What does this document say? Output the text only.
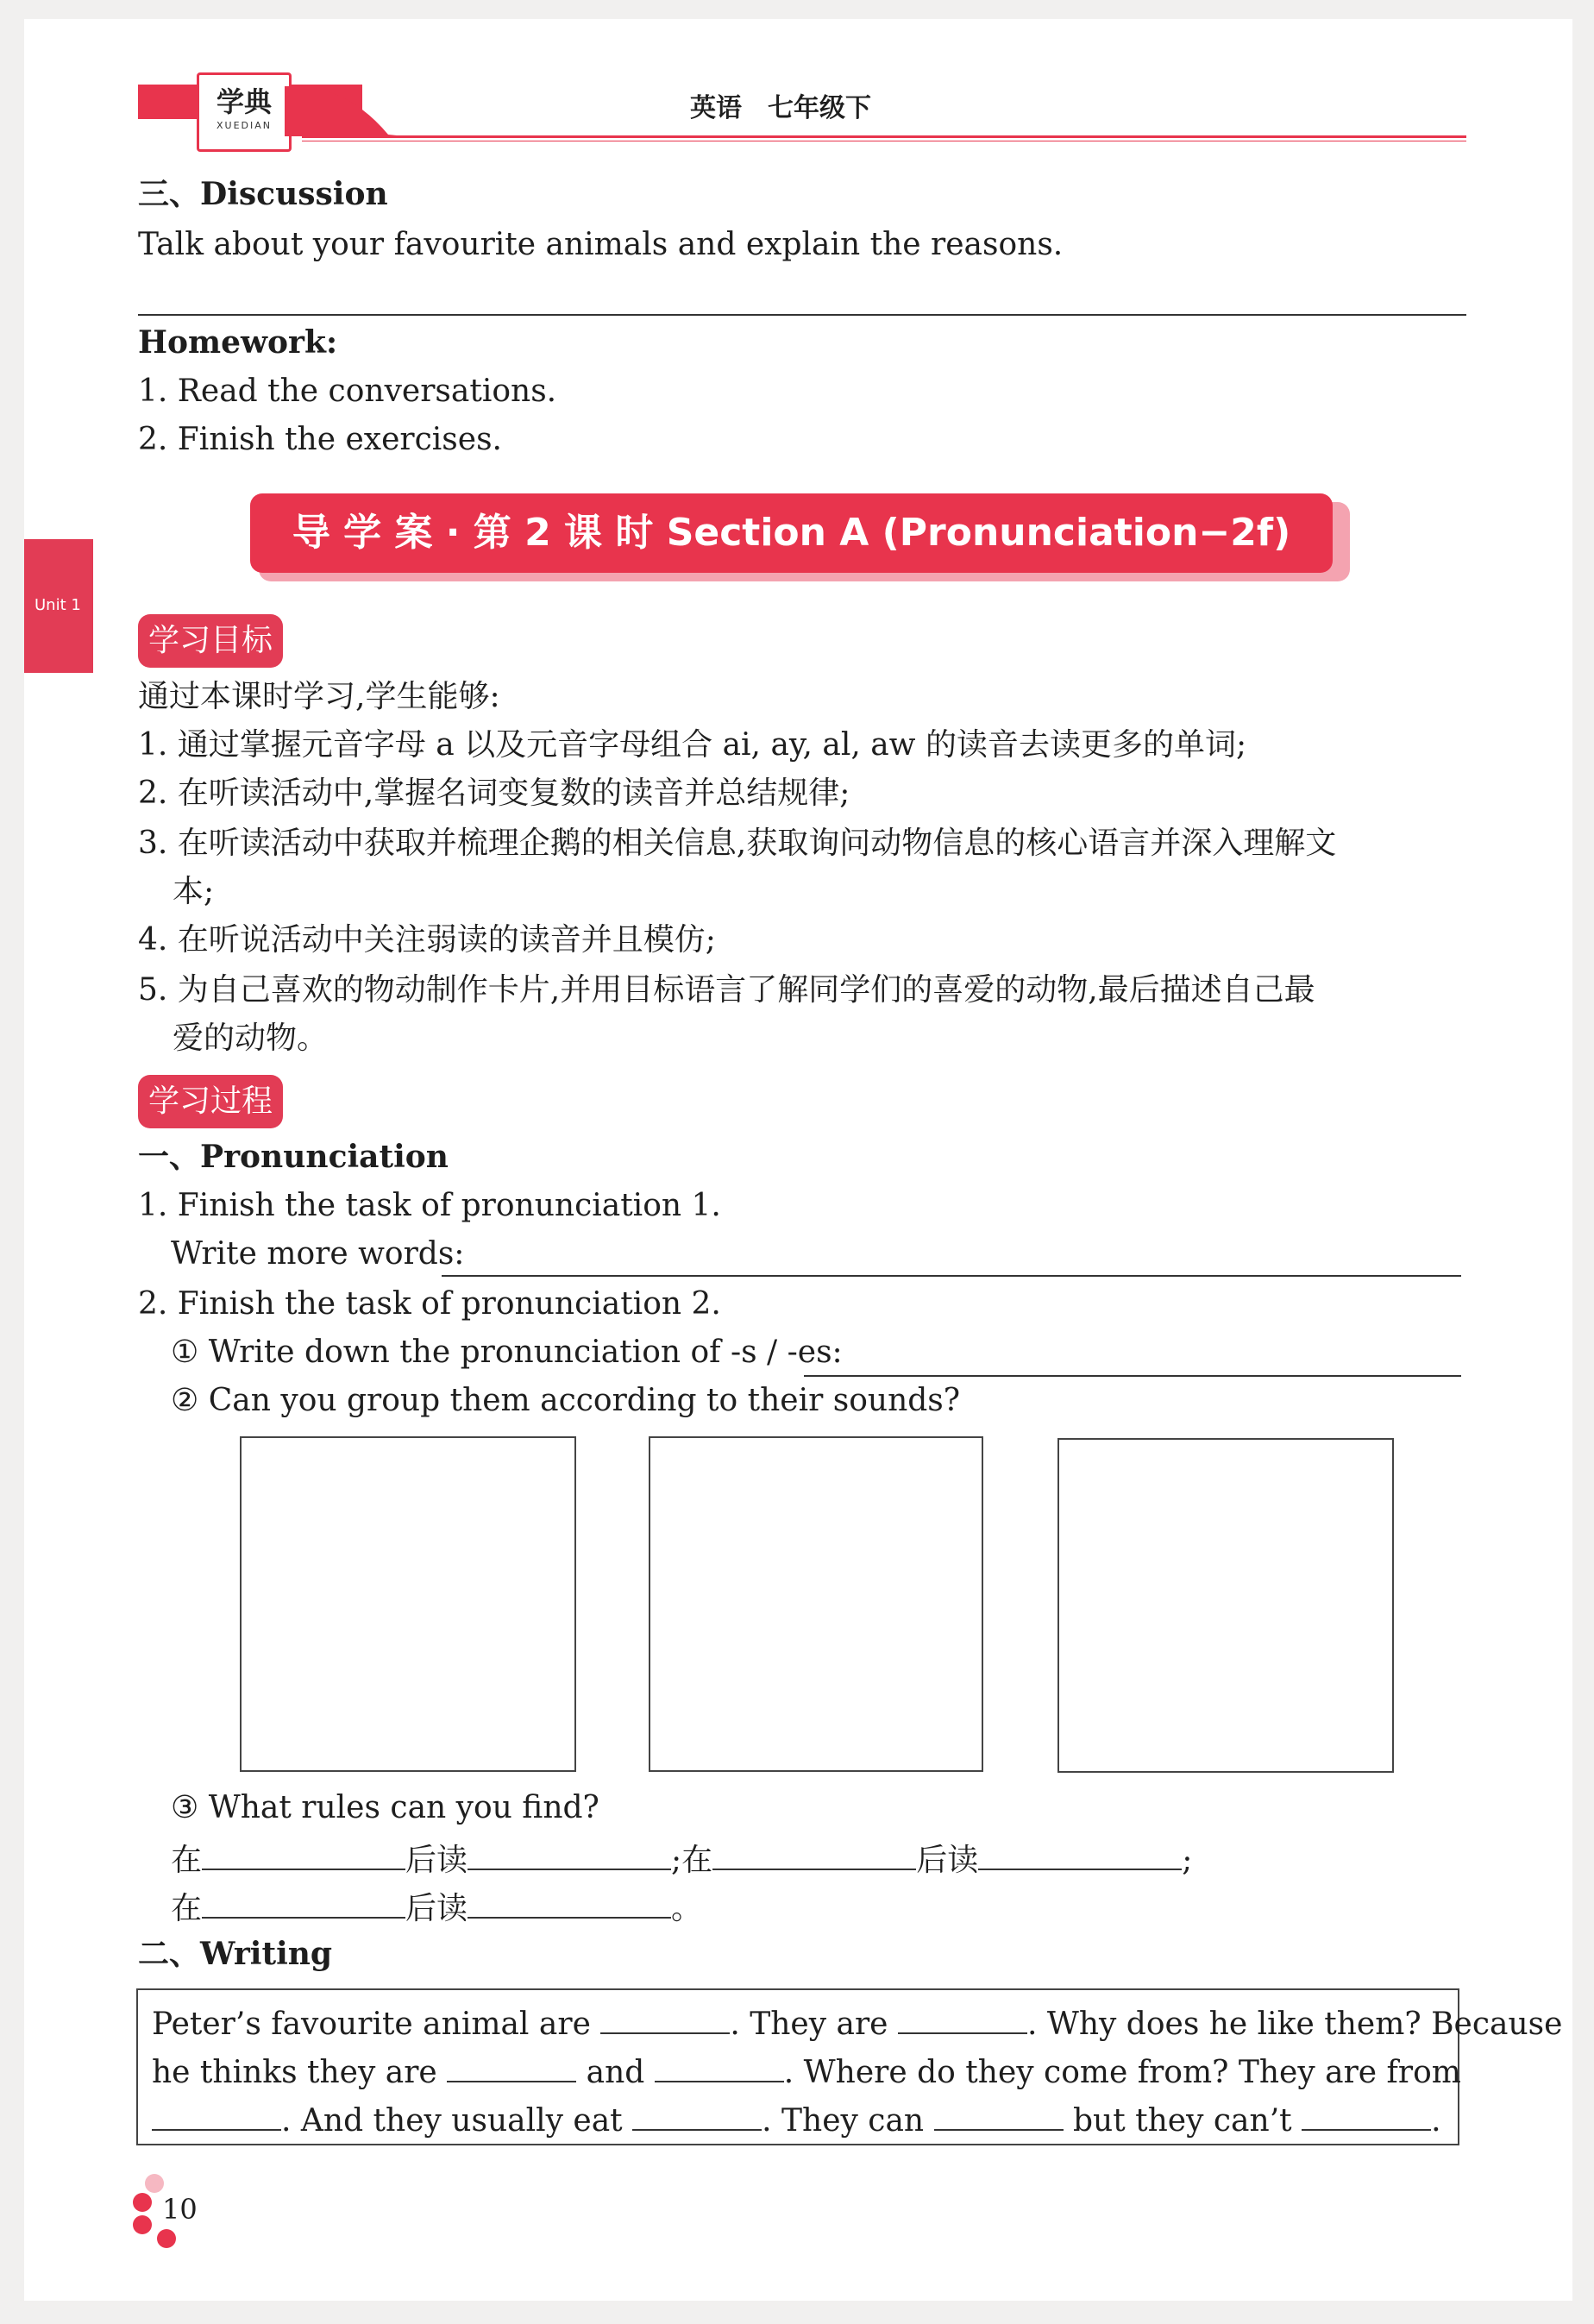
学典
XUEDIAN
英语　七年级下
Unit 1
三、Discussion
Talk about your favourite animals and explain the reasons.
Homework:
1. Read the conversations.
2. Finish the exercises.
导 学 案 · 第 2 课 时 Section A (Pronunciation−2f)
学习目标
通过本课时学习,学生能够:
1. 通过掌握元音字母 a 以及元音字母组合 ai, ay, al, aw 的读音去读更多的单词;
2. 在听读活动中,掌握名词变复数的读音并总结规律;
3. 在听读活动中获取并梳理企鹅的相关信息,获取询问动物信息的核心语言并深入理解文
本;
4. 在听说活动中关注弱读的读音并且模仿;
5. 为自己喜欢的物动制作卡片,并用目标语言了解同学们的喜爱的动物,最后描述自己最
爱的动物。
学习过程
一、Pronunciation
1. Finish the task of pronunciation 1.
Write more words:
2. Finish the task of pronunciation 2.
① Write down the pronunciation of -s / -es:
② Can you group them according to their sounds?
③ What rules can you find?
在	后读	;在	后读	;
在	后读	。
二、Writing
Peter’s favourite animal are	. They are	. Why does he like them? Because
he thinks they are	and	. Where do they come from? They are from
. And they usually eat	. They can	but they can’t	.
10
